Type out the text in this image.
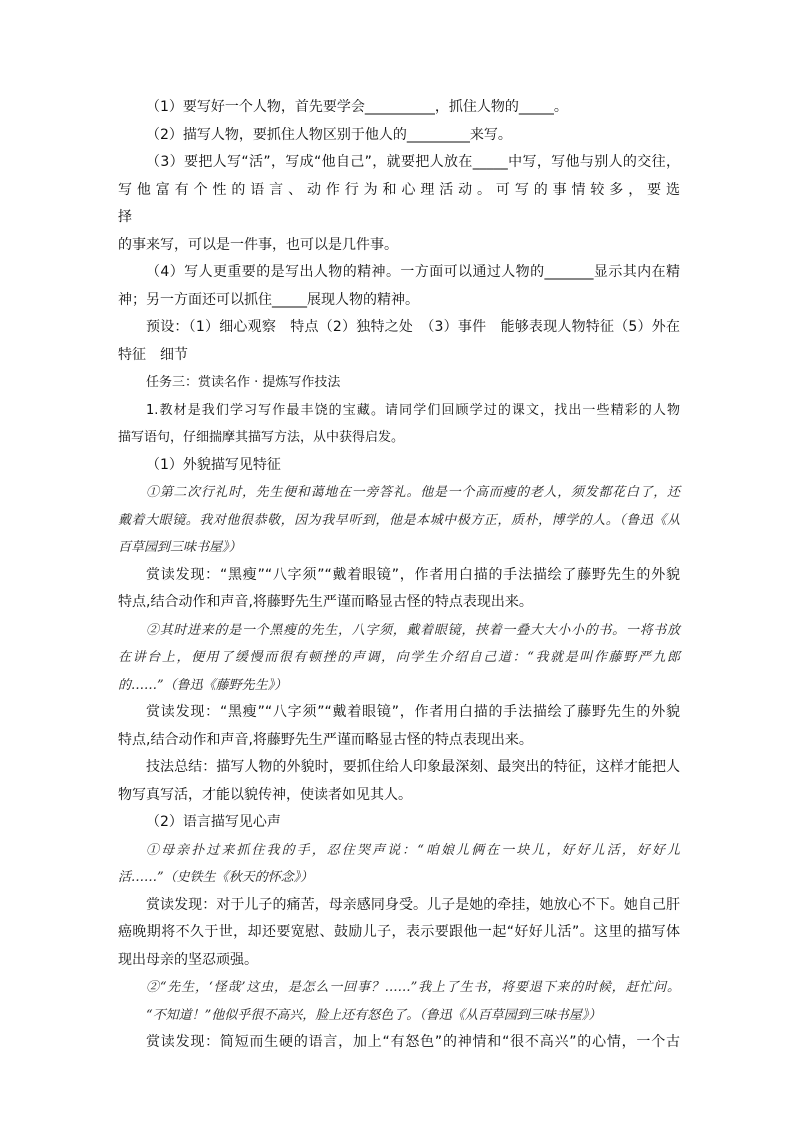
（1）要写好一个人物，首先要学会__________，抓住人物的_____。

（2）描写人物，要抓住人物区别于他人的_________来写。

（3）要把人写“活”，写成“他自己”，就要把人放在_____中写，写他与别人的交往，

写 他 富 有 个 性 的 语 言 、 动 作 行 为 和 心 理 活 动 。 可 写 的 事 情 较 多 ， 要 选 择

的事来写，可以是一件事，也可以是几件事。

（4）写人更重要的是写出人物的精神。一方面可以通过人物的_______显示其内在精

神；另一方面还可以抓住_____展现人物的精神。

预设：（1）细心观察　特点（2）独特之处　（3）事件　能够表现人物特征（5）外在

特征　细节

任务三：赏读名作 · 提炼写作技法

1.教材是我们学习写作最丰饶的宝藏。请同学们回顾学过的课文，找出一些精彩的人物

描写语句，仔细揣摩其描写方法，从中获得启发。

（1）外貌描写见特征

①第二次行礼时，先生便和蔼地在一旁答礼。他是一个高而瘦的老人，须发都花白了，还

戴着大眼镜。我对他很恭敬，因为我早听到，他是本城中极方正，质朴，博学的人。（鲁迅《从

百草园到三味书屋》）

赏读发现：“黑瘦”“八字须”“戴着眼镜”，作者用白描的手法描绘了藤野先生的外貌

特点,结合动作和声音,将藤野先生严谨而略显古怪的特点表现出来。

②其时进来的是一个黑瘦的先生，八字须，戴着眼镜，挟着一叠大大小小的书。一将书放

在讲台上，便用了缓慢而很有顿挫的声调，向学生介绍自己道：“我就是叫作藤野严九郎

的……”（鲁迅《藤野先生》）

赏读发现：“黑瘦”“八字须”“戴着眼镜”，作者用白描的手法描绘了藤野先生的外貌

特点,结合动作和声音,将藤野先生严谨而略显古怪的特点表现出来。

技法总结：描写人物的外貌时，要抓住给人印象最深刻、最突出的特征，这样才能把人

物写真写活，才能以貌传神，使读者如见其人。

（2）语言描写见心声

①母亲扑过来抓住我的手，忍住哭声说：“咱娘儿俩在一块儿，好好儿活，好好儿

活……”（史铁生《秋天的怀念》）

赏读发现：对于儿子的痛苦，母亲感同身受。儿子是她的牵挂，她放心不下。她自己肝

癌晚期将不久于世，却还要宽慰、鼓励儿子，表示要跟他一起“好好儿活”。这里的描写体

现出母亲的坚忍顽强。

②“先生，‘怪哉’这虫，是怎么一回事？……”我上了生书，将要退下来的时候，赶忙问。

“不知道！”他似乎很不高兴，脸上还有怒色了。（鲁迅《从百草园到三味书屋》）

赏读发现：简短而生硬的语言，加上“有怒色”的神情和“很不高兴”的心情，一个古
